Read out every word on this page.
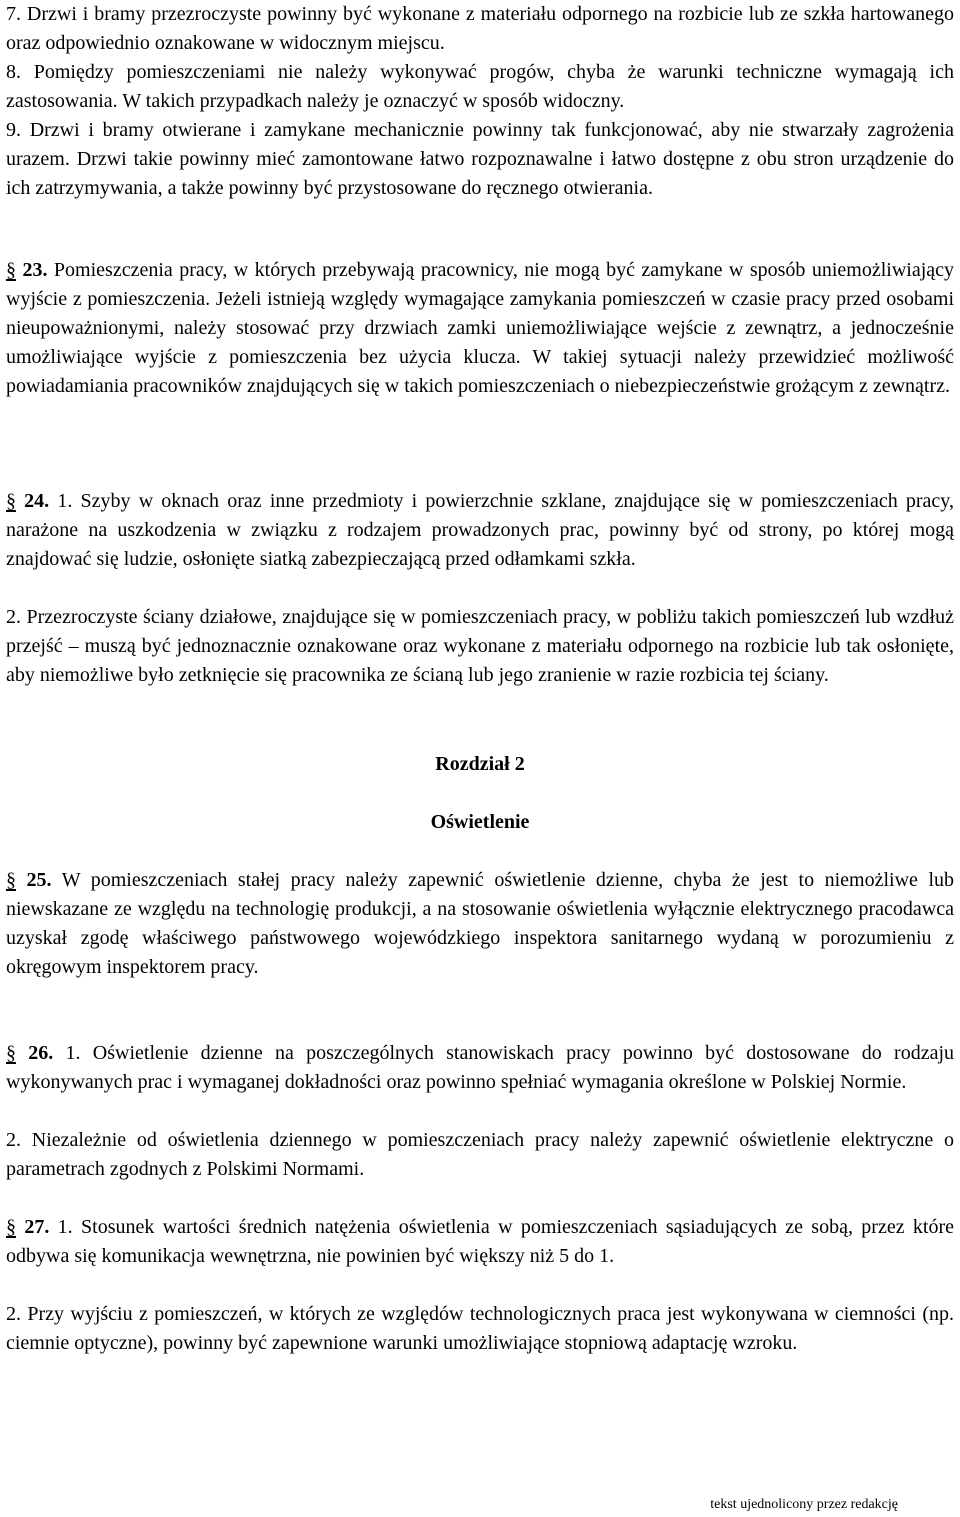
7. Drzwi i bramy przezroczyste powinny być wykonane z materiału odpornego na rozbicie lub ze szkła hartowanego oraz odpowiednio oznakowane w widocznym miejscu.

8. Pomiędzy pomieszczeniami nie należy wykonywać progów, chyba że warunki techniczne wymagają ich zastosowania. W takich przypadkach należy je oznaczyć w sposób widoczny.

9. Drzwi i bramy otwierane i zamykane mechanicznie powinny tak funkcjonować, aby nie stwarzały zagrożenia urazem. Drzwi takie powinny mieć zamontowane łatwo rozpoznawalne i łatwo dostępne z obu stron urządzenie do ich zatrzymywania, a także powinny być przystosowane do ręcznego otwierania.

§ 23. Pomieszczenia pracy, w których przebywają pracownicy, nie mogą być zamykane w sposób uniemożliwiający wyjście z pomieszczenia. Jeżeli istnieją względy wymagające zamykania pomieszczeń w czasie pracy przed osobami nieupoważnionymi, należy stosować przy drzwiach zamki uniemożliwiające wejście z zewnątrz, a jednocześnie umożliwiające wyjście z pomieszczenia bez użycia klucza. W takiej sytuacji należy przewidzieć możliwość powiadamiania pracowników znajdujących się w takich pomieszczeniach o niebezpieczeństwie grożącym z zewnątrz.

§ 24. 1. Szyby w oknach oraz inne przedmioty i powierzchnie szklane, znajdujące się w pomieszczeniach pracy, narażone na uszkodzenia w związku z rodzajem prowadzonych prac, powinny być od strony, po której mogą znajdować się ludzie, osłonięte siatką zabezpieczającą przed odłamkami szkła.

2. Przezroczyste ściany działowe, znajdujące się w pomieszczeniach pracy, w pobliżu takich pomieszczeń lub wzdłuż przejść – muszą być jednoznacznie oznakowane oraz wykonane z materiału odpornego na rozbicie lub tak osłonięte, aby niemożliwe było zetknięcie się pracownika ze ścianą lub jego zranienie w razie rozbicia tej ściany.

Rozdział 2

Oświetlenie

§ 25. W pomieszczeniach stałej pracy należy zapewnić oświetlenie dzienne, chyba że jest to niemożliwe lub niewskazane ze względu na technologię produkcji, a na stosowanie oświetlenia wyłącznie elektrycznego pracodawca uzyskał zgodę właściwego państwowego wojewódzkiego inspektora sanitarnego wydaną w porozumieniu z okręgowym inspektorem pracy.

§ 26. 1. Oświetlenie dzienne na poszczególnych stanowiskach pracy powinno być dostosowane do rodzaju wykonywanych prac i wymaganej dokładności oraz powinno spełniać wymagania określone w Polskiej Normie.

2. Niezależnie od oświetlenia dziennego w pomieszczeniach pracy należy zapewnić oświetlenie elektryczne o parametrach zgodnych z Polskimi Normami.

§ 27. 1. Stosunek wartości średnich natężenia oświetlenia w pomieszczeniach sąsiadujących ze sobą, przez które odbywa się komunikacja wewnętrzna, nie powinien być większy niż 5 do 1.

2. Przy wyjściu z pomieszczeń, w których ze względów technologicznych praca jest wykonywana w ciemności (np. ciemnie optyczne), powinny być zapewnione warunki umożliwiające stopniową adaptację wzroku.

tekst ujednolicony przez redakcję
